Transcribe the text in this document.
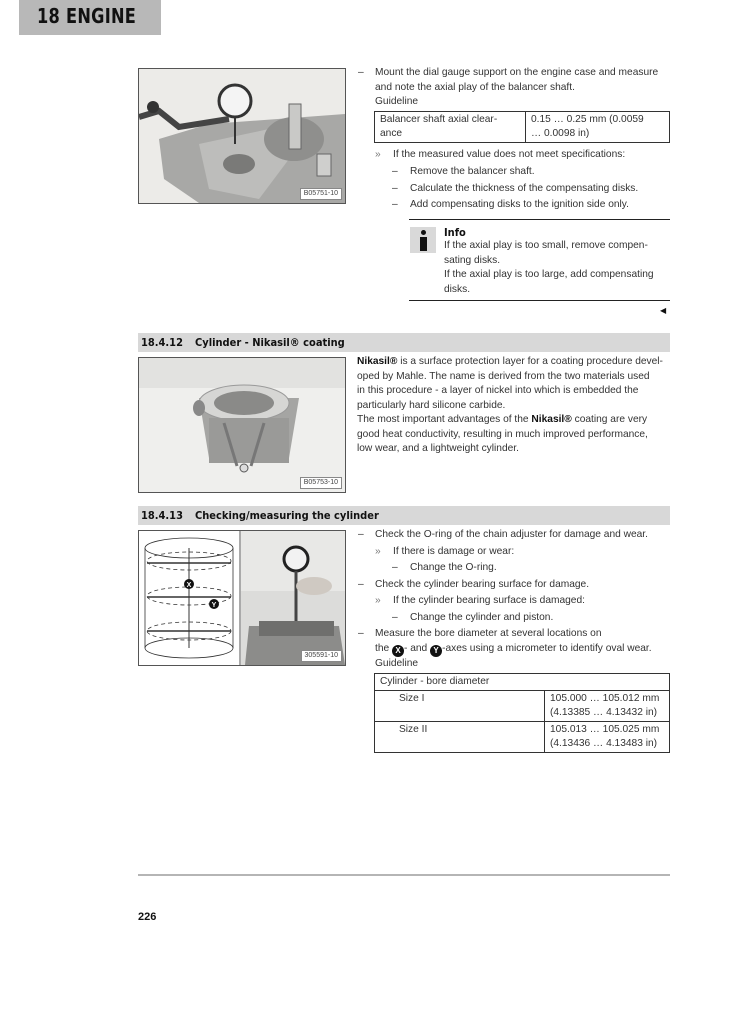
18 ENGINE
B05751-10
–	Mount the dial gauge support on the engine case and measure
and note the axial play of the balancer shaft.
Guideline
Balancer shaft axial clear-
ance

0.15 … 0.25 mm (0.0059
… 0.0098 in)
» If the measured value does not meet specifications:
– Remove the balancer shaft.
– Calculate the thickness of the compensating disks.
– Add compensating disks to the ignition side only.
Info
If the axial play is too small, remove compen-
sating disks.
If the axial play is too large, add compensating
disks.
◀
18.4.12 Cylinder - Nikasil® coating
B05753-10
Nikasil® is a surface protection layer for a coating procedure devel-
oped by Mahle. The name is derived from the two materials used
in this procedure - a layer of nickel into which is embedded the
particularly hard silicone carbide.
The most important advantages of the Nikasil® coating are very
good heat conductivity, resulting in much improved performance,
low wear, and a lightweight cylinder.
18.4.13 Checking/measuring the cylinder
X
Y
305591-10
– Check the O-ring of the chain adjuster for damage and wear.
» If there is damage or wear:
– Change the O-ring.
– Check the cylinder bearing surface for damage.
» If the cylinder bearing surface is damaged:
– Change the cylinder and piston.
– Measure the bore diameter at several locations on
the X - and Y -axes using a micrometer to identify oval wear.
Guideline
Cylinder - bore diameter	
Size I	105.000 … 105.012 mm
(4.13385 … 4.13432 in)

Size II	105.013 … 105.025 mm
(4.13436 … 4.13483 in)
226
